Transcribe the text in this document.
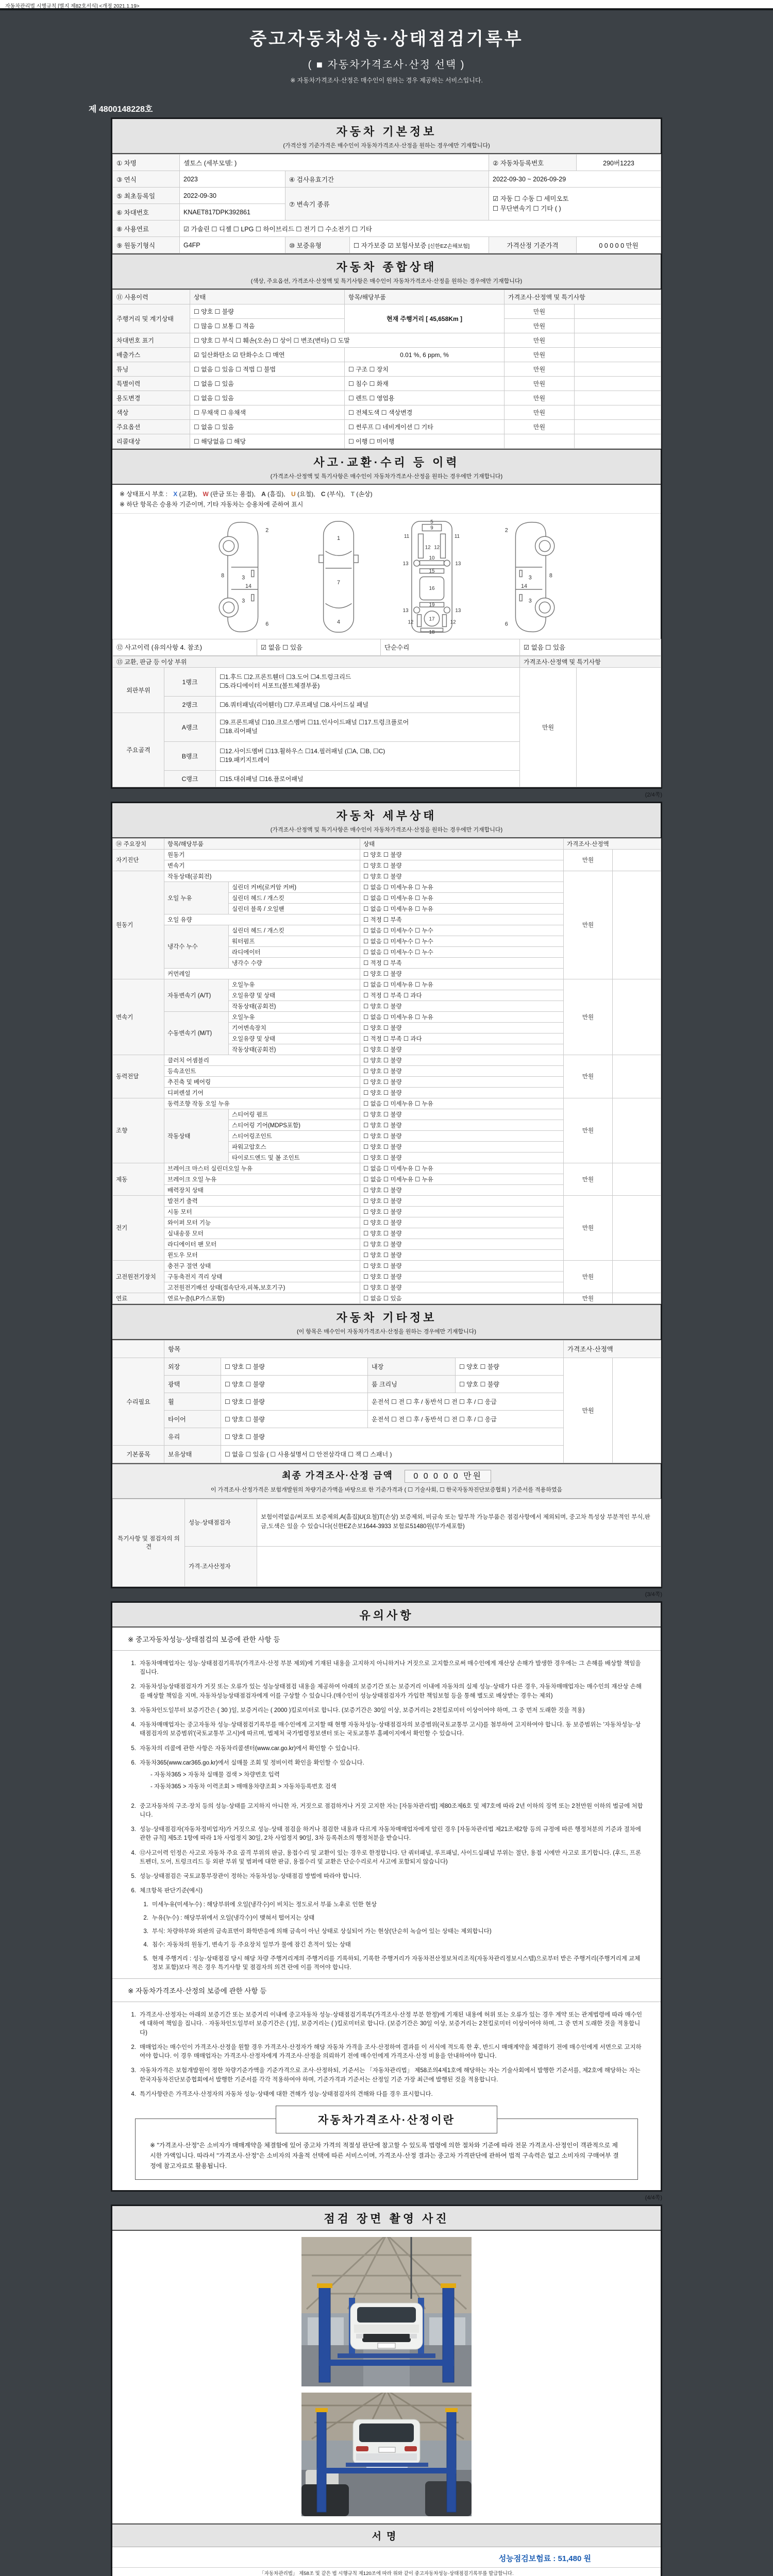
자동차관리법 시행규칙 [별지 제82호서식] <개정 2021.1.19>
중고자동차성능·상태점검기록부
( ■ 자동차가격조사·산정 선택 )
※ 자동차가격조사·산정은 매수인이 원하는 경우 제공하는 서비스입니다.
제 4800148228호
자동차 기본정보
(가격산정 기준가격은 매수인이 자동차가격조사·산정을 원하는 경우에만 기재합니다)
① 차명	셀토스 (세부모델: )			② 자동차등록번호	290버1223
③ 연식	2023	④ 검사유효기간		2022-09-30 ~ 2026-09-29	
⑤ 최초등록일	2022-09-30	⑦ 변속기 종류		☑ 자동 ☐ 수동 ☐ 세미오토
☐ 무단변속기 ☐ 기타 ( )	

⑥ 차대번호	KNAET817DPK392861				
⑧ 사용연료	☑ 가솔린 ☐ 디젤 ☐ LPG ☐ 하이브리드 ☐ 전기 ☐ 수소전기 ☐ 기타				
⑨ 원동기형식	G4FP	⑩ 보증유형	☐ 자가보증 ☑ 보험사보증 [신한EZ손해보험]	가격산정 기준가격	0 0 0 0 0 만원
자동차 종합상태
(색상, 주요옵션, 가격조사·산정액 및 특기사항은 매수인이 자동차가격조사·산정을 원하는 경우에만 기재합니다)
⑪ 사용이력	상태	항목/해당부품	가격조사·산정액 및 특기사항	
주행거리 및 계기상태	☐ 양호 ☐ 불량	현재 주행거리 [ 45,658Km ]	만원	
	☐ 많음 ☐ 보통 ☐ 적음		만원	
차대번호 표기	☐ 양호 ☐ 부식 ☐ 훼손(오손) ☐ 상이 ☐ 변조(변타) ☐ 도말		만원	
배출가스	☑ 일산화탄소 ☑ 탄화수소 ☐ 매연	0.01 %, 6 ppm, %	만원	
튜닝	☐ 없음 ☐ 있음 ☐ 적법 ☐ 불법	☐ 구조 ☐ 장치	만원	
특별이력	☐ 없음 ☐ 있음	☐ 침수 ☐ 화재	만원	
용도변경	☐ 없음 ☐ 있음	☐ 렌트 ☐ 영업용	만원	
색상	☐ 무채색 ☐ 유채색	☐ 전체도색 ☐ 색상변경	만원	
주요옵션	☐ 없음 ☐ 있음	☐ 썬루프 ☐ 네비게이션 ☐ 기타	만원	
리콜대상	☐ 해당없음 ☐ 해당	☐ 이행 ☐ 미이행		
사고·교환·수리 등 이력
(가격조사·산정액 및 특기사항은 매수인이 자동차가격조사·산정을 원하는 경우에만 기재합니다)
※ 상태표시 부호 : X (교환), W (판금 또는 용접), A (흠집), U (요철), C (부식), T (손상)
※ 하단 항목은 승용차 기준이며, 기타 자동차는 승용차에 준하여 표시
2
8	3
14
3
6
1
7
4
5
9
11	11
12 12
13	13
10
15
16
19
13	13
12	12
17
18
2
8
3
14
3
6
⑫ 사고이력 (유의사항 4. 참조)	☑ 없음 ☐ 있음	단순수리	☑ 없음 ☐ 있음
⑬ 교환, 판금 등 이상 부위			가격조사·산정액 및 특기사항	
외판부위	1랭크	☐1.후드 ☐2.프론트휀더 ☐3.도어 ☐4.트렁크리드
☐5.라디에이터 서포트(볼트체결부품)	만원	
	2랭크	☐6.쿼터패널(리어휀더) ☐7.루프패널 ☐8.사이드실 패널		
주요골격	A랭크	☐9.프론트패널 ☐10.크로스멤버 ☐11.인사이드패널 ☐17.트렁크플로어
☐18.리어패널		

	B랭크	☐12.사이드멤버 ☐13.휠하우스 ☐14.필러패널 (☐A, ☐B, ☐C)
☐19.패키지트레이		

	C랭크	☐15.대쉬패널 ☐16.플로어패널		
(2/4쪽)
자동차 세부상태
(가격조사·산정액 및 특기사항은 매수인이 자동차가격조사·산정을 원하는 경우에만 기재합니다)
⑭ 주요장치	항목/해당부품		상태	가격조사·산정액	
자기진단	원동기		☐ 양호 ☐ 불량	만원	
	변속기		☐ 양호 ☐ 불량		
원동기	작동상태(공회전)		☐ 양호 ☐ 불량	만원	
	오일 누유	실린더 커버(로커암 커버)	☐ 없음 ☐ 미세누유 ☐ 누유		
		실린더 헤드 / 개스킷	☐ 없음 ☐ 미세누유 ☐ 누유		
		실린더 블록 / 오일팬	☐ 없음 ☐ 미세누유 ☐ 누유		
	오일 유량		☐ 적정 ☐ 부족		
	냉각수 누수	실린더 헤드 / 개스킷	☐ 없음 ☐ 미세누수 ☐ 누수		
		워터펌프	☐ 없음 ☐ 미세누수 ☐ 누수		
		라디에이터	☐ 없음 ☐ 미세누수 ☐ 누수		
		냉각수 수량	☐ 적정 ☐ 부족		
	커먼레일		☐ 양호 ☐ 불량		
변속기	자동변속기 (A/T)	오일누유	☐ 없음 ☐ 미세누유 ☐ 누유	만원	
		오일유량 및 상태	☐ 적정 ☐ 부족 ☐ 과다		
		작동상태(공회전)	☐ 양호 ☐ 불량		
	수동변속기 (M/T)	오일누유	☐ 없음 ☐ 미세누유 ☐ 누유		
		기어변속장치	☐ 양호 ☐ 불량		
		오일유량 및 상태	☐ 적정 ☐ 부족 ☐ 과다		
		작동상태(공회전)	☐ 양호 ☐ 불량		
동력전달	클러치 어셈블리		☐ 양호 ☐ 불량	만원	
	등속죠인트		☐ 양호 ☐ 불량		
	추진축 및 베어링		☐ 양호 ☐ 불량		
	디퍼렌셜 기어		☐ 양호 ☐ 불량		
조향	동력조향 작동 오일 누유		☐ 없음 ☐ 미세누유 ☐ 누유	만원	
	작동상태	스티어링 펌프	☐ 양호 ☐ 불량		
		스티어링 기어(MDPS포함)	☐ 양호 ☐ 불량		
		스티어링조인트	☐ 양호 ☐ 불량		
		파워고압호스	☐ 양호 ☐ 불량		
		타이로드엔드 및 볼 조인트	☐ 양호 ☐ 불량		
제동	브레이크 마스터 실린더오일 누유		☐ 없음 ☐ 미세누유 ☐ 누유	만원	
	브레이크 오일 누유		☐ 없음 ☐ 미세누유 ☐ 누유		
	배력장치 상태		☐ 양호 ☐ 불량		
전기	발전기 출력		☐ 양호 ☐ 불량	만원	
	시동 모터		☐ 양호 ☐ 불량		
	와이퍼 모터 기능		☐ 양호 ☐ 불량		
	실내송풍 모터		☐ 양호 ☐ 불량		
	라디에이터 팬 모터		☐ 양호 ☐ 불량		
	윈도우 모터		☐ 양호 ☐ 불량		
고전원전기장치	충전구 절연 상태		☐ 양호 ☐ 불량	만원	
	구동축전지 격리 상태		☐ 양호 ☐ 불량		
	고전원전기배선 상태(접속단자,피복,보호기구)		☐ 양호 ☐ 불량		
연료	연료누출(LP가스포함)		☐ 없음 ☐ 있음	만원	
자동차 기타정보
(이 항목은 매수인이 자동차가격조사·산정을 원하는 경우에만 기재합니다)
	항목				가격조사·산정액	
수리필요	외장	☐ 양호 ☐ 불량	내장	☐ 양호 ☐ 불량	만원	
	광택	☐ 양호 ☐ 불량	룸 크리닝	☐ 양호 ☐ 불량		
	휠	☐ 양호 ☐ 불량	운전석 ☐ 전 ☐ 후 / 동반석 ☐ 전 ☐ 후 / ☐ 응급			
	타이어	☐ 양호 ☐ 불량	운전석 ☐ 전 ☐ 후 / 동반석 ☐ 전 ☐ 후 / ☐ 응급			
	유리	☐ 양호 ☐ 불량				
기본품목	보유상태	☐ 없음 ☐ 있음 ( ☐ 사용설명서 ☐ 안전삼각대 ☐ 잭 ☐ 스패너 )				
최종 가격조사·산정 금액 0 0 0 0 0 만원
이 가격조사·산정가격은 보험개발원의 차량기준가액을 바탕으로 한 기준가격과 ( ☐ 기술사회, ☐ 한국자동차진단보증협회 ) 기준서를 적용하였음
특기사항 및 점검자의 의견	성능·상태점검자	보험이력없음/써포트 보증제외,A(흠집)U(요철)T(손상) 보증제외, 비금속 또는 탈부착 가능부품은 점검사항에서 제외되며, 중고차 특성상 부분적인 부식,판금,도색은 있을 수 있습니다(신한EZ손보1644-3933 보험료51480원(부가세포함)
	가격·조사산정자	
(3/4쪽)
유의사항
※ 중고자동차성능·상태점검의 보증에 관한 사항 등
1. 자동차매매업자는 성능·상태점검기록부(가격조사·산정 부분 제외)에 기재된 내용을 고지하지 아니하거나 거짓으로 고지함으로써 매수인에게 재산상 손해가 발생한 경우에는 그 손해를 배상할 책임을 집니다.
2. 자동차성능상태점검자가 거짓 또는 오류가 있는 성능상태점검 내용을 제공하여 아래의 보증기간 또는 보증거리 이내에 자동차의 실제 성능·상태가 다른 경우, 자동차매매업자는 매수인의 재산상 손해를 배상할 책임을 지며, 자동차성능상태점검자에게 이를 구상할 수 있습니다.(매수인이 성능상태점검자가 가입한 책임보험 등을 통해 별도로 배상받는 경우는 제외)
3. 자동차인도일부터 보증기간은 ( 30 )일, 보증거리는 ( 2000 )킬로미터로 합니다. (보증기간은 30일 이상, 보증거리는 2천킬로미터 이상이어야 하며, 그 중 먼저 도래한 것을 적용)
4. 자동차매매업자는 중고자동차 성능·상태점검기록부를 매수인에게 고지할 때 현행 자동차성능·상태점검자의 보증범위(국토교통부 고시)를 첨부하여 고지하여야 합니다. 동 보증범위는 '자동차성능·상태점검자의 보증범위'(국토교통부 고시)에 따르며, 법제처 국가법령정보센터 또는 국토교통부 홈페이지에서 확인할 수 있습니다.
5. 자동차의 리콜에 관한 사항은 자동차리콜센터(www.car.go.kr)에서 확인할 수 있습니다.
6. 자동차365(www.car365.go.kr)에서 실매물 조회 및 정비이력 확인을 확인할 수 있습니다.
- 자동차365 > 자동차 실매물 검색 > 차량번호 입력
- 자동차365 > 자동차 이력조회 > 매매용차량조회 > 자동차등록번호 검색
2. 중고자동차의 구조·장치 등의 성능·상태를 고지하지 아니한 자, 거짓으로 점검하거나 거짓 고지한 자는 [자동차관리법] 제80조제6호 및 제7호에 따라 2년 이하의 징역 또는 2천만원 이하의 벌금에 처합니다.
3. 성능·상태점검자(자동차정비업자)가 거짓으로 성능·상태 점검을 하거나 점검한 내용과 다르게 자동차매매업자에게 알린 경우 [자동차관리법 제21조제2항 등의 규정에 따른 행정처분의 기준과 절차에 관한 규칙] 제5조 1항에 따라 1차 사업정지 30일, 2차 사업정지 90일, 3차 등록취소의 행정처분을 받습니다.
4. ⑫사고이력 인정은 사고로 자동차 주요 골격 부위의 판금, 용접수리 및 교환이 있는 경우로 한정합니다. 단 쿼터패널, 루프패널, 사이드실패널 부위는 절단, 용접 시에만 사고로 표기합니다. (후드, 프론트펜더, 도어, 트렁크리드 등 외판 부위 및 범퍼에 대한 판금, 용접수리 및 교환은 단순수리로서 사고에 포함되지 않습니다)
5. 성능·상태점검은 국토교통부장관이 정하는 자동차성능·상태점검 방법에 따라야 합니다.
6. 체크항목 판단기준(예시)
1. 미세누유(미세누수) : 해당부위에 오일(냉각수)이 비치는 정도로서 부품 노후로 인한 현상
2. 누유(누수) : 해당부위에서 오일(냉각수)이 맺혀서 떨어지는 상태
3. 부식: 차량하부와 외판의 금속표면이 화학반응에 의해 금속이 아닌 상태로 상실되어 가는 현상(단순히 녹슬어 있는 상태는 제외합니다)
4. 침수: 자동차의 원동기, 변속기 등 주요장치 일부가 물에 잠긴 흔적이 있는 상태
5. 현재 주행거리 : 성능·상태점검 당시 해당 차량 주행거리계의 주행거리를 기록하되, 기록한 주행거리가 자동차전산정보처리조직(자동차관리정보시스템)으로부터 받은 주행거리(주행거리계 교체 정보 포함)보다 적은 경우 특기사항 및 점검자의 의견 란에 이를 적어야 합니다.
※ 자동차가격조사·산정의 보증에 관한 사항 등
1. 가격조사·산정자는 아래의 보증기간 또는 보증거리 이내에 중고자동차 성능·상태점검기록부(가격조사·산정 부분 한정)에 기재된 내용에 허위 또는 오류가 있는 경우 계약 또는 관계법령에 따라 매수인에 대하여 책임을 집니다. · 자동차인도일부터 보증기간은 ( )일, 보증거리는 ( )킬로미터로 합니다. (보증기간은 30일 이상, 보증거리는 2천킬로미터 이상이어야 하며, 그 중 먼저 도래한 것을 적용합니다)
2. 매매업자는 매수인이 가격조사·산정을 원할 경우 가격조사·산정자가 해당 자동차 가격을 조사·산정하여 결과를 이 서식에 적도록 한 후, 반드시 매매계약을 체결하기 전에 매수인에게 서면으로 고지하여야 합니다. 이 경우 매매업자는 가격조사·산정자에게 가격조사·산정을 의뢰하기 전에 매수인에게 가격조사·산정 비용을 안내하여야 합니다.
3. 자동차가격은 보험개발원이 정한 차량기준가액을 기준가격으로 조사·산정하되, 기준서는 「자동차관리법」 제58조의4제1호에 해당하는 자는 기술사회에서 발행한 기준서를, 제2호에 해당하는 자는 한국자동차진단보증협회에서 발행한 기준서를 각각 적용하여야 하며, 기준가격과 기준서는 산정일 기준 가장 최근에 발행된 것을 적용합니다.
4. 특기사항란은 가격조사·산정자의 자동차 성능·상태에 대한 견해가 성능·상태점검자의 견해와 다를 경우 표시합니다.
자동차가격조사·산정이란
※ "가격조사·산정"은 소비자가 매매계약을 체결함에 있어 중고차 가격의 적절성 판단에 참고할 수 있도록 법령에 의한 절차와 기준에 따라 전문 가격조사·산정인이 객관적으로 제시한 가액입니다. 따라서 "가격조사·산정"은 소비자의 자율적 선택에 따른 서비스이며, 가격조사·산정 결과는 중고차 가격판단에 관하여 법적 구속력은 없고 소비자의 구매여부 결정에 참고자료로 활용됩니다.
(4/4쪽)
점검 장면 촬영 사진
서명
성능점검보험료 : 51,480 원
「자동차관리법」 제58조 및 같은 법 시행규칙 제120조에 따라 위와 같이 중고자동차성능·상태점검기록부를 발급합니다.
